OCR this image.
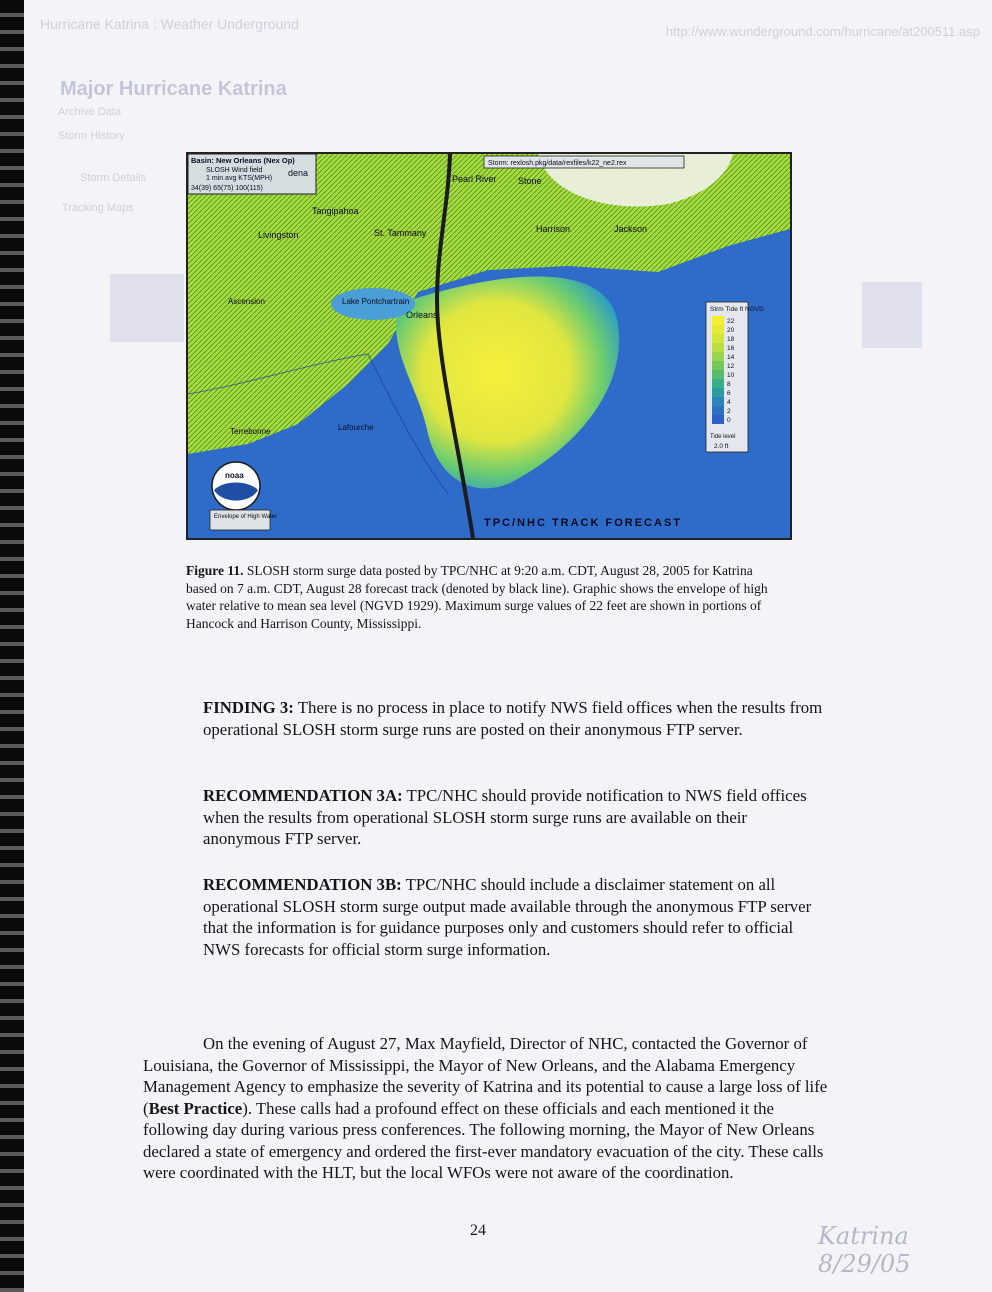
Hurricane Katrina : Weather Underground	http://www.wunderground.com/hurricane/at200511.asp
Major Hurricane Katrina
Archive Data
Storm History
Storm Details
Tracking Maps
Basin: New Orleans (Nex Op)
SLOSH Wind field
1 min avg KTS(MPH)
34(39) 65(75) 100(115)
Storm: rexlosh.pkg/data/rexfiles/k22_ne2.rex
Pearl River Stone
Tangipahoa
St. Tammany	Harrison	Jackson
Livingston
Lake Pontchartrain
Orleans
Ascension
Terrebonne	Lafourche
dena
Strm Tide ft NGVD
22
20
18
16
14
12
10
8
6
4
2
0
Tide level
2.0 ft
noaa
Envelope of High Water	TPC/NHC TRACK FORECAST
Figure 11. SLOSH storm surge data posted by TPC/NHC at 9:20 a.m. CDT, August 28, 2005 for Katrina based on 7 a.m. CDT, August 28 forecast track (denoted by black line). Graphic shows the envelope of high water relative to mean sea level (NGVD 1929). Maximum surge values of 22 feet are shown in portions of Hancock and Harrison County, Mississippi.
FINDING 3: There is no process in place to notify NWS field offices when the results from operational SLOSH storm surge runs are posted on their anonymous FTP server.
RECOMMENDATION 3A: TPC/NHC should provide notification to NWS field offices when the results from operational SLOSH storm surge runs are available on their anonymous FTP server.
RECOMMENDATION 3B: TPC/NHC should include a disclaimer statement on all operational SLOSH storm surge output made available through the anonymous FTP server that the information is for guidance purposes only and customers should refer to official NWS forecasts for official storm surge information.
On the evening of August 27, Max Mayfield, Director of NHC, contacted the Governor of Louisiana, the Governor of Mississippi, the Mayor of New Orleans, and the Alabama Emergency Management Agency to emphasize the severity of Katrina and its potential to cause a large loss of life (Best Practice). These calls had a profound effect on these officials and each mentioned it the following day during various press conferences. The following morning, the Mayor of New Orleans declared a state of emergency and ordered the first-ever mandatory evacuation of the city. These calls were coordinated with the HLT, but the local WFOs were not aware of the coordination.
24	Katrina 8/29/05
